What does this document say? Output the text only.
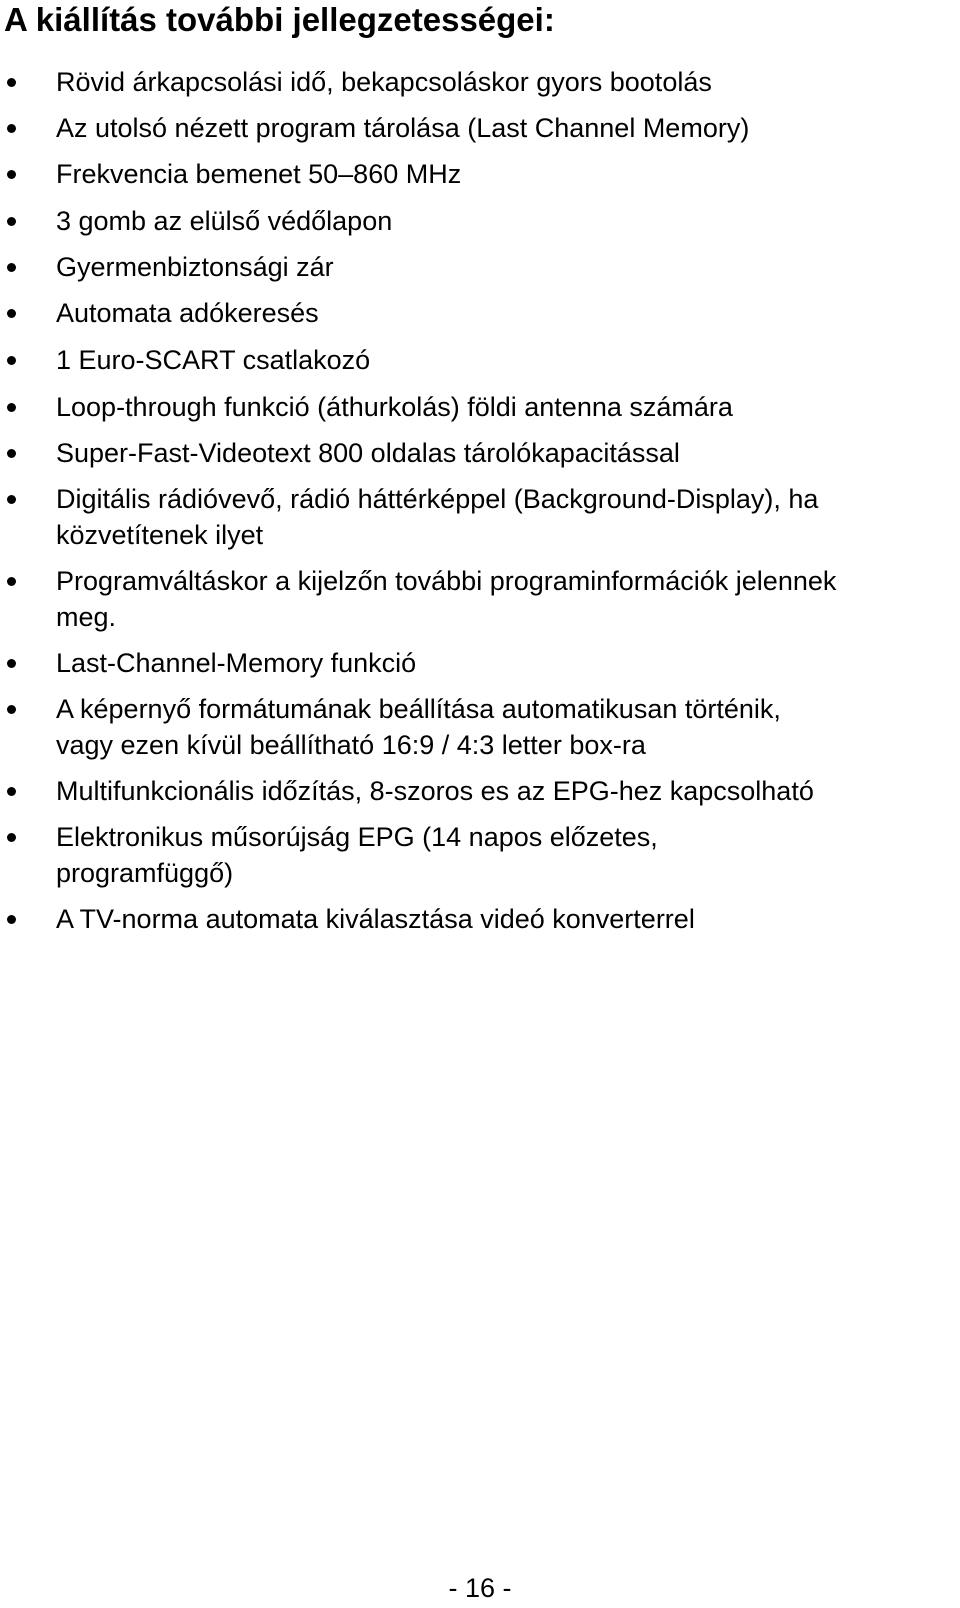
A kiállítás további jellegzetességei:
Rövid árkapcsolási idő, bekapcsoláskor gyors bootolás
Az utolsó nézett program tárolása (Last Channel Memory)
Frekvencia bemenet 50–860 MHz
3 gomb az elülső védőlapon
Gyermenbiztonsági zár
Automata adókeresés
1 Euro-SCART csatlakozó
Loop-through funkció (áthurkolás) földi antenna számára
Super-Fast-Videotext 800 oldalas tárolókapacitással
Digitális rádióvevő, rádió háttérképpel (Background-Display), ha
közvetítenek ilyet
Programváltáskor a kijelzőn további programinformációk jelennek
meg.
Last-Channel-Memory funkció
A képernyő formátumának beállítása automatikusan történik,
vagy ezen kívül beállítható 16:9 / 4:3 letter box-ra
Multifunkcionális időzítás, 8-szoros es az EPG-hez kapcsolható
Elektronikus műsorújság EPG (14 napos előzetes,
programfüggő)
A TV-norma automata kiválasztása videó konverterrel
- 16 -
